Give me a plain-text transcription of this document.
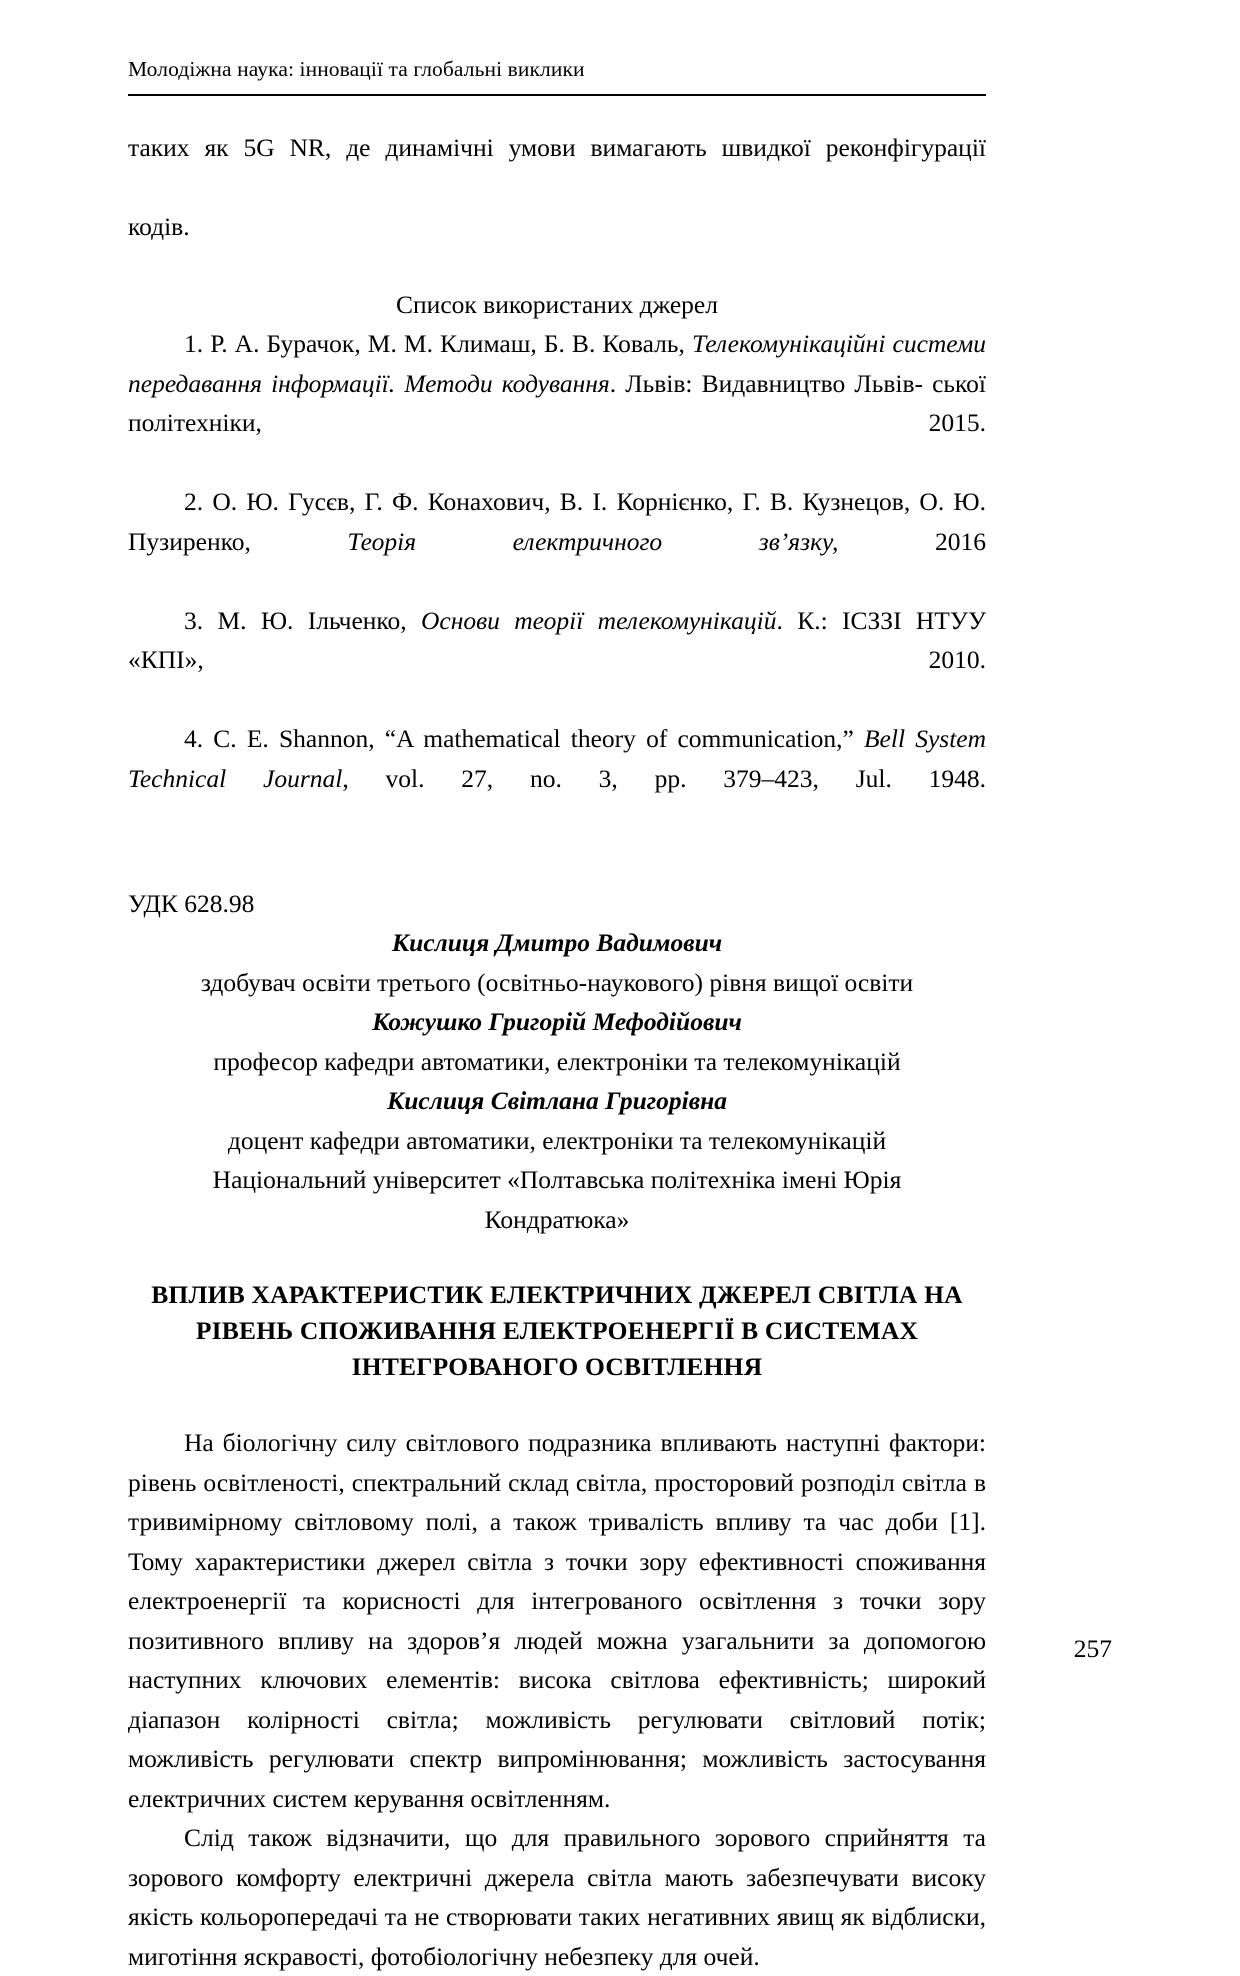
Молодіжна наука: інновації та глобальні виклики

таких як 5G NR, де динамічні умови вимагають швидкої реконфігурації

кодів.

Список використаних джерел

1. Р. А. Бурачок, М. М. Климаш, Б. В. Коваль, Телекомунікаційні системи передавання інформації. Методи кодування. Львів: Видавництво Львів- ської політехніки, 2015.

2. О. Ю. Гусєв, Г. Ф. Конахович, В. І. Корнієнко, Г. В. Кузнецов, О. Ю. Пузиренко, Теорія електричного зв’язку, 2016

3. М. Ю. Ільченко, Основи теорії телекомунікацій. К.: ІСЗЗІ НТУУ «КПІ», 2010.

4. C. E. Shannon, “A mathematical theory of communication,” Bell System Technical Journal, vol. 27, no. 3, pp. 379–423, Jul. 1948.

УДК 628.98
Кислиця Дмитро Вадимович
здобувач освіти третього (освітньо-наукового) рівня вищої освіти
Кожушко Григорій Мефодійович
професор кафедри автоматики, електроніки та телекомунікацій
Кислиця Світлана Григорівна
доцент кафедри автоматики, електроніки та телекомунікацій
Національний університет «Полтавська політехніка імені Юрія
Кондратюка»
ВПЛИВ ХАРАКТЕРИСТИК ЕЛЕКТРИЧНИХ ДЖЕРЕЛ СВІТЛА НА
РІВЕНЬ СПОЖИВАННЯ ЕЛЕКТРОЕНЕРГІЇ В СИСТЕМАХ
ІНТЕГРОВАНОГО ОСВІТЛЕННЯ

На біологічну силу світлового подразника впливають наступні фактори: рівень освітленості, спектральний склад світла, просторовий розподіл світла в тривимірному світловому полі, а також тривалість впливу та час доби [1]. Тому характеристики джерел світла з точки зору ефективності споживання електроенергії та корисності для інтегрованого освітлення з точки зору позитивного впливу на здоров’я людей можна узагальнити за допомогою наступних ключових елементів: висока світлова ефективність; широкий діапазон колірності світла; можливість регулювати світловий потік; можливість регулювати спектр випромінювання; можливість застосування електричних систем керування освітленням.

Слід також відзначити, що для правильного зорового сприйняття та зорового комфорту електричні джерела світла мають забезпечувати високу якість кольоропередачі та не створювати таких негативних явищ як відблиски, миготіння яскравості, фотобіологічну небезпеку для очей.

257
